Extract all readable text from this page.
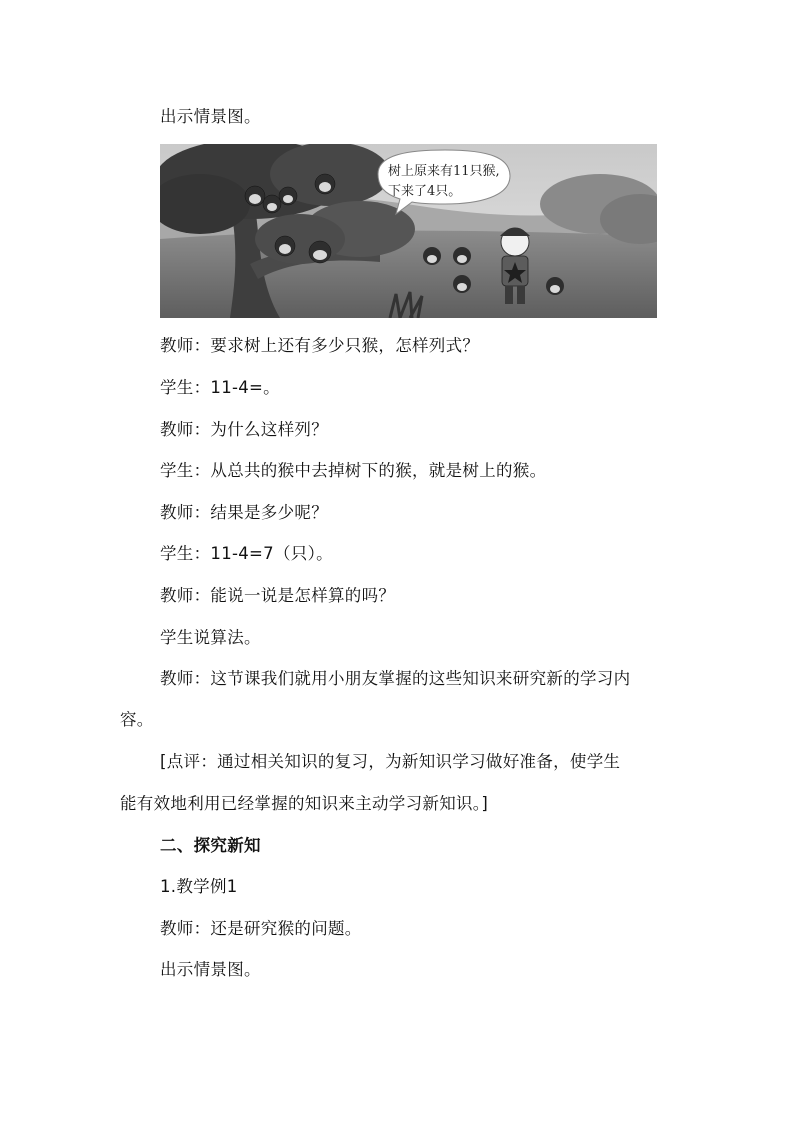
出示情景图。
树上原来有11只猴,
下来了4只。
教师：要求树上还有多少只猴，怎样列式？
学生：11-4=。
教师：为什么这样列？
学生：从总共的猴中去掉树下的猴，就是树上的猴。
教师：结果是多少呢？
学生：11-4=7（只）。
教师：能说一说是怎样算的吗？
学生说算法。
教师：这节课我们就用小朋友掌握的这些知识来研究新的学习内
容。
[点评：通过相关知识的复习，为新知识学习做好准备，使学生
能有效地利用已经掌握的知识来主动学习新知识。]
二、探究新知
1.教学例1
教师：还是研究猴的问题。
出示情景图。
